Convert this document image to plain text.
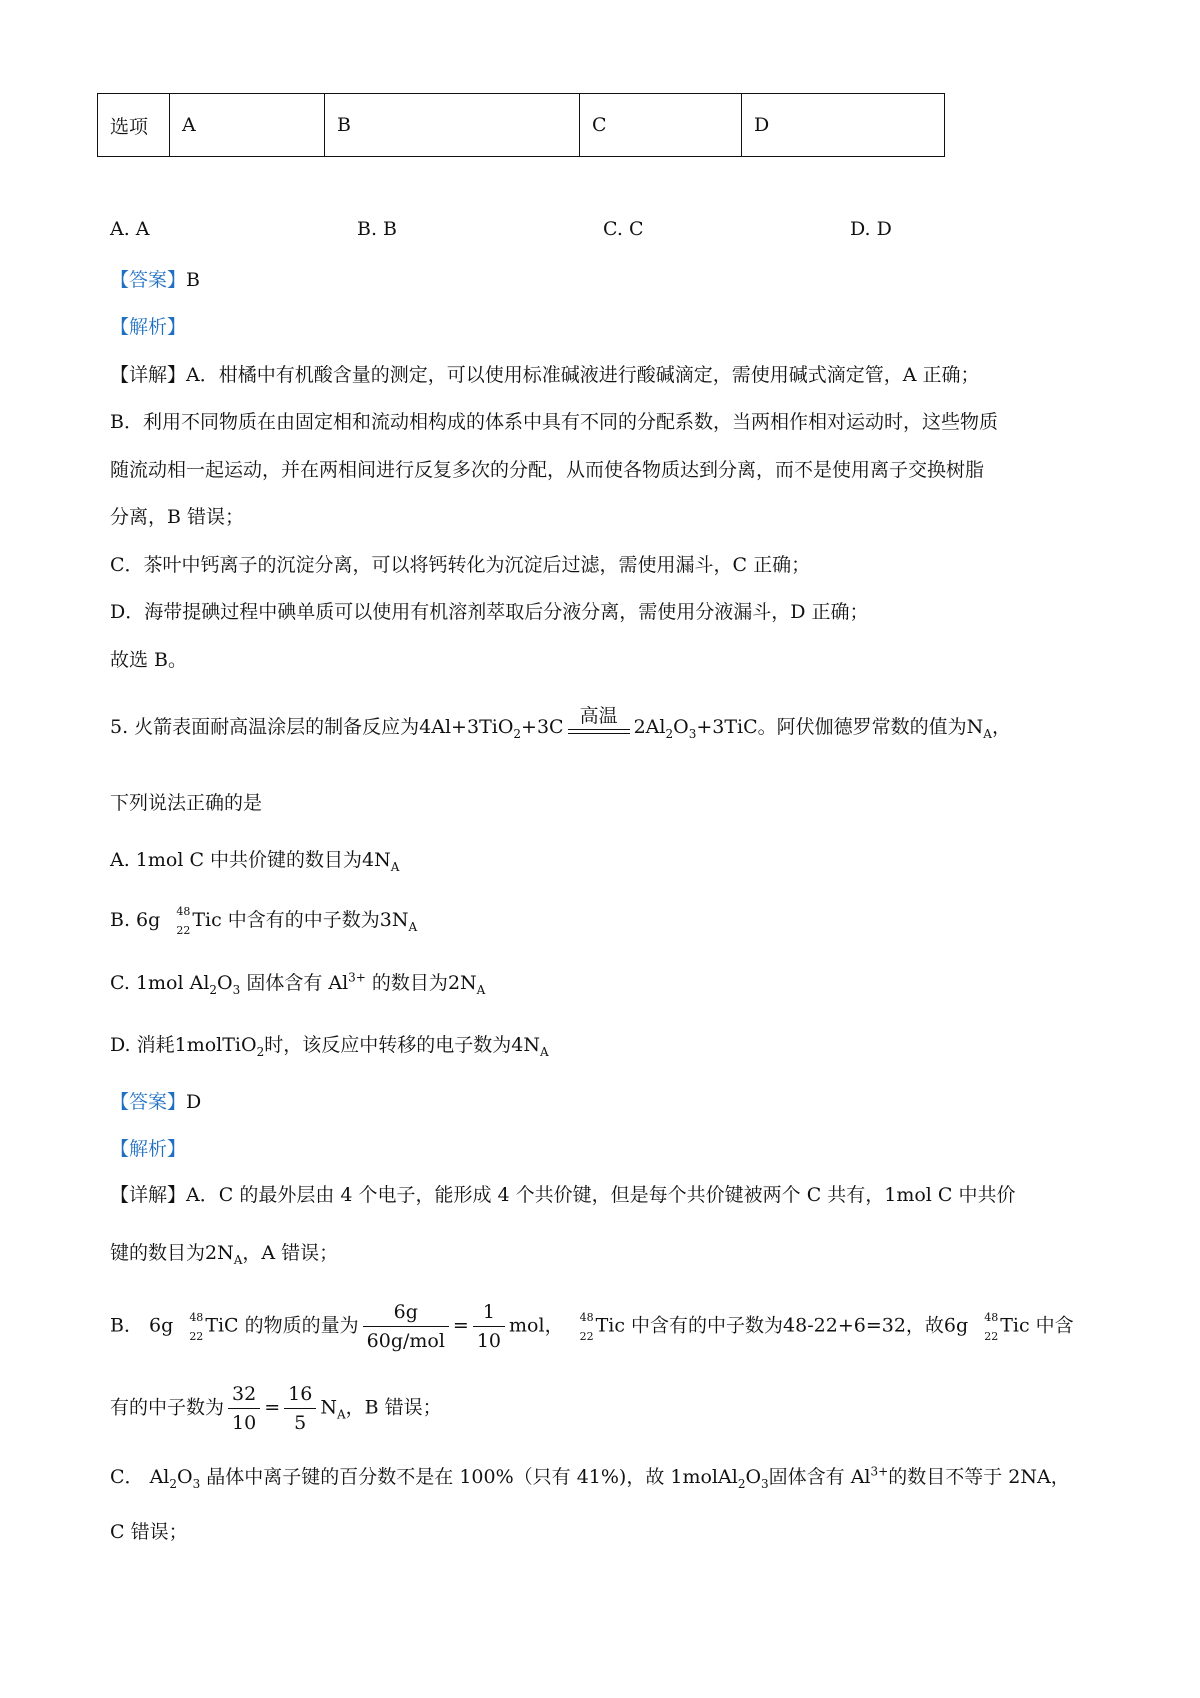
选项	A	B	C	D
A. A	B. B	C. C	D. D
【答案】B
【解析】
【详解】A．柑橘中有机酸含量的测定，可以使用标准碱液进行酸碱滴定，需使用碱式滴定管，A 正确；
B．利用不同物质在由固定相和流动相构成的体系中具有不同的分配系数，当两相作相对运动时，这些物质
随流动相一起运动，并在两相间进行反复多次的分配，从而使各物质达到分离，而不是使用离子交换树脂
分离，B 错误；
C．茶叶中钙离子的沉淀分离，可以将钙转化为沉淀后过滤，需使用漏斗，C 正确；
D．海带提碘过程中碘单质可以使用有机溶剂萃取后分液分离，需使用分液漏斗，D 正确；
故选 B。
5. 火箭表面耐高温涂层的制备反应为4Al+3TiO$_2$+3C 高温 $2Al_2O_3+3TiC$。阿伏伽德罗常数的值为$N_A$，
下列说法正确的是
A. 1mol C 中共价键的数目为$4N_A$
B. 6g 48
22 Tic 中含有的中子数为$3N_A$
C. 1mol $Al_2O_3$ 固体含有 $Al^{3+}$ 的数目为$2N_A$
D. 消耗1molTiO$_2$时，该反应中转移的电子数为$4N_A$
【答案】D
【解析】
【详解】A．C 的最外层由 4 个电子，能形成 4 个共价键，但是每个共价键被两个 C 共有，1mol C 中共价
键的数目为$2N_A$，A 错误；
B． 6g 48
22 TiC 的物质的量为 $\frac{6g}{\text{60g/mol}} = \frac{1}{10}$ mol， 48
22 Tic 中含有的中子数为48-22+6=32，故6g 48
22 Tic 中含
有的中子数为 $\frac{32}{10} = \frac{16}{5} N_A$，B 错误；
C． $Al_2O_3$ 晶体中离子键的百分数不是在 100%（只有 41%)，故 $1molAl_2O_3$固体含有 $Al^{3+}$的数目不等于 2NA，
C 错误；
